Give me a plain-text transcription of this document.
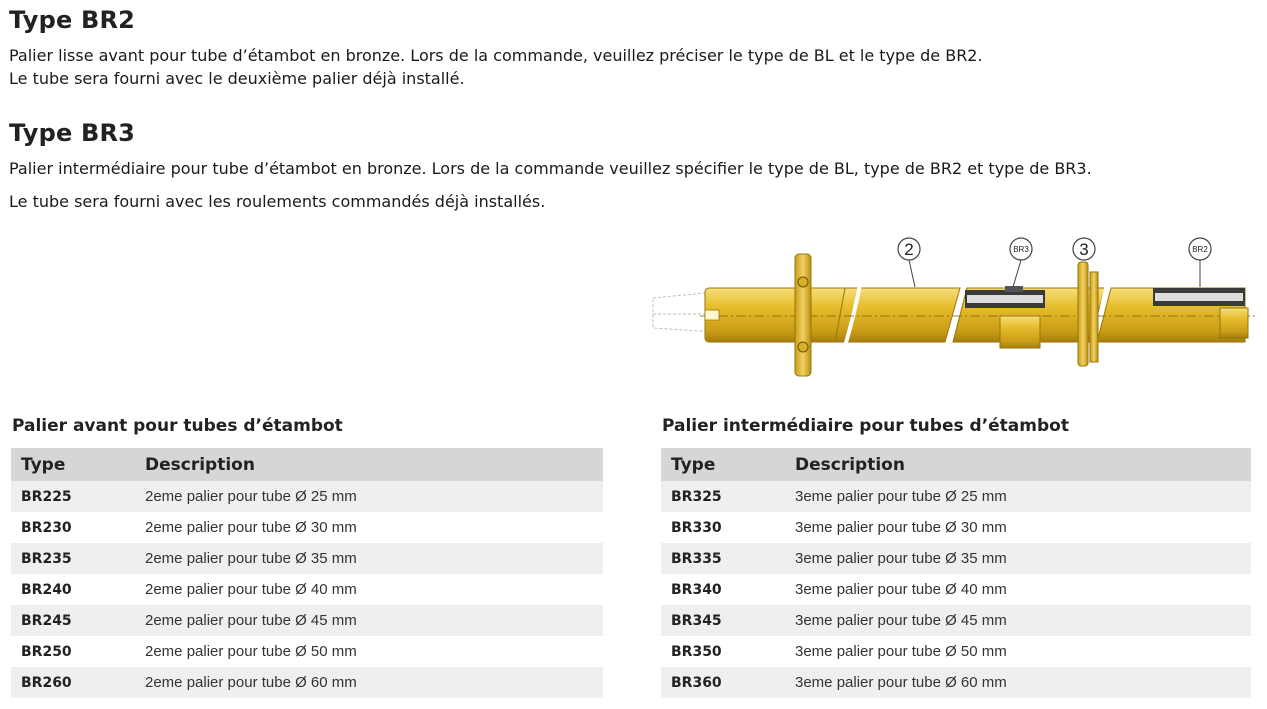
Type BR2

Palier lisse avant pour tube d’étambot en bronze. Lors de la commande, veuillez préciser le type de BL et le type de BR2.

Le tube sera fourni avec le deuxième palier déjà installé.

Type BR3

Palier intermédiaire pour tube d’étambot en bronze. Lors de la commande veuillez spécifier le type de BL, type de BR2 et type de BR3.

Le tube sera fourni avec les roulements commandés déjà installés.

2	BR3	3	BR2
Palier avant pour tubes d’étambot
Type	Description
BR225	2eme palier pour tube Ø 25 mm
BR230	2eme palier pour tube Ø 30 mm
BR235	2eme palier pour tube Ø 35 mm
BR240	2eme palier pour tube Ø 40 mm
BR245	2eme palier pour tube Ø 45 mm
BR250	2eme palier pour tube Ø 50 mm
BR260	2eme palier pour tube Ø 60 mm
Palier intermédiaire pour tubes d’étambot
Type	Description
BR325	3eme palier pour tube Ø 25 mm
BR330	3eme palier pour tube Ø 30 mm
BR335	3eme palier pour tube Ø 35 mm
BR340	3eme palier pour tube Ø 40 mm
BR345	3eme palier pour tube Ø 45 mm
BR350	3eme palier pour tube Ø 50 mm
BR360	3eme palier pour tube Ø 60 mm
